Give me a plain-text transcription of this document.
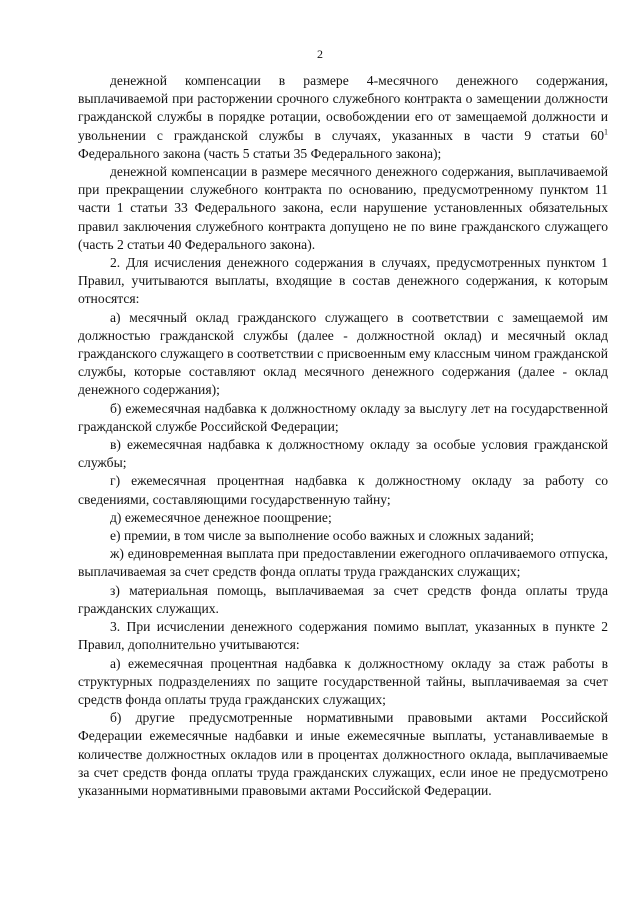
2

денежной компенсации в размере 4-месячного денежного содержания, выплачиваемой при расторжении срочного служебного контракта о замещении должности гражданской службы в порядке ротации, освобождении его от замещаемой должности и увольнении с гражданской службы в случаях, указанных в части 9 статьи $60^1$ Федерального закона (часть 5 статьи 35 Федерального закона);

денежной компенсации в размере месячного денежного содержания, выплачиваемой при прекращении служебного контракта по основанию, предусмотренному пунктом 11 части 1 статьи 33 Федерального закона, если нарушение установленных обязательных правил заключения служебного контракта допущено не по вине гражданского служащего (часть 2 статьи 40 Федерального закона).

2. Для исчисления денежного содержания в случаях, предусмотренных пунктом 1 Правил, учитываются выплаты, входящие в состав денежного содержания, к которым относятся:

а) месячный оклад гражданского служащего в соответствии с замещаемой им должностью гражданской службы (далее - должностной оклад) и месячный оклад гражданского служащего в соответствии с присвоенным ему классным чином гражданской службы, которые составляют оклад месячного денежного содержания (далее - оклад денежного содержания);

б) ежемесячная надбавка к должностному окладу за выслугу лет на государственной гражданской службе Российской Федерации;

в) ежемесячная надбавка к должностному окладу за особые условия гражданской службы;

г) ежемесячная процентная надбавка к должностному окладу за работу со сведениями, составляющими государственную тайну;

д) ежемесячное денежное поощрение;

е) премии, в том числе за выполнение особо важных и сложных заданий;

ж) единовременная выплата при предоставлении ежегодного оплачиваемого отпуска, выплачиваемая за счет средств фонда оплаты труда гражданских служащих;

з) материальная помощь, выплачиваемая за счет средств фонда оплаты труда гражданских служащих.

3. При исчислении денежного содержания помимо выплат, указанных в пункте 2 Правил, дополнительно учитываются:

а) ежемесячная процентная надбавка к должностному окладу за стаж работы в структурных подразделениях по защите государственной тайны, выплачиваемая за счет средств фонда оплаты труда гражданских служащих;

б) другие предусмотренные нормативными правовыми актами Российской Федерации ежемесячные надбавки и иные ежемесячные выплаты, устанавливаемые в количестве должностных окладов или в процентах должностного оклада, выплачиваемые за счет средств фонда оплаты труда гражданских служащих, если иное не предусмотрено указанными нормативными правовыми актами Российской Федерации.
